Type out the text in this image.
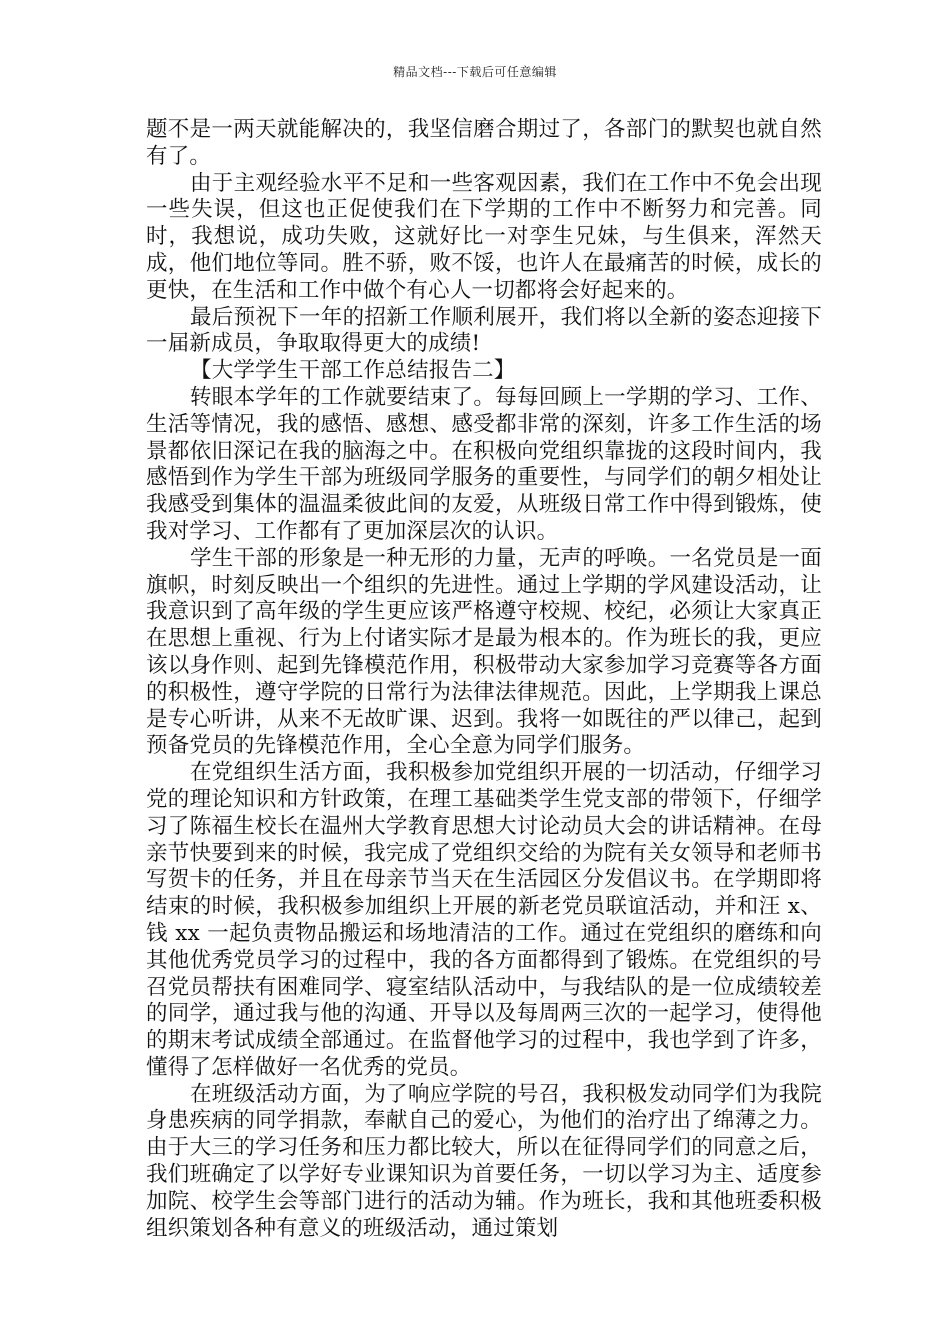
精品文档---下载后可任意编辑

题不是一两天就能解决的，我坚信磨合期过了，各部门的默契也就自然有了。

由于主观经验水平不足和一些客观因素，我们在工作中不免会出现一些失误，但这也正促使我们在下学期的工作中不断努力和完善。同时，我想说，成功失败，这就好比一对孪生兄妹，与生俱来，浑然天成，他们地位等同。胜不骄，败不馁，也许人在最痛苦的时候，成长的更快，在生活和工作中做个有心人一切都将会好起来的。

最后预祝下一年的招新工作顺利展开，我们将以全新的姿态迎接下一届新成员，争取取得更大的成绩!

【大学学生干部工作总结报告二】

转眼本学年的工作就要结束了。每每回顾上一学期的学习、工作、生活等情况，我的感悟、感想、感受都非常的深刻，许多工作生活的场景都依旧深记在我的脑海之中。在积极向党组织靠拢的这段时间内，我感悟到作为学生干部为班级同学服务的重要性，与同学们的朝夕相处让我感受到集体的温温柔彼此间的友爱，从班级日常工作中得到锻炼，使我对学习、工作都有了更加深层次的认识。

学生干部的形象是一种无形的力量，无声的呼唤。一名党员是一面旗帜，时刻反映出一个组织的先进性。通过上学期的学风建设活动，让我意识到了高年级的学生更应该严格遵守校规、校纪，必须让大家真正在思想上重视、行为上付诸实际才是最为根本的。作为班长的我，更应该以身作则、起到先锋模范作用，积极带动大家参加学习竞赛等各方面的积极性，遵守学院的日常行为法律法律规范。因此，上学期我上课总是专心听讲，从来不无故旷课、迟到。我将一如既往的严以律己，起到预备党员的先锋模范作用，全心全意为同学们服务。

在党组织生活方面，我积极参加党组织开展的一切活动，仔细学习党的理论知识和方针政策，在理工基础类学生党支部的带领下，仔细学习了陈福生校长在温州大学教育思想大讨论动员大会的讲话精神。在母亲节快要到来的时候，我完成了党组织交给的为院有关女领导和老师书写贺卡的任务，并且在母亲节当天在生活园区分发倡议书。在学期即将结束的时候，我积极参加组织上开展的新老党员联谊活动，并和汪 x、钱 xx 一起负责物品搬运和场地清洁的工作。通过在党组织的磨练和向其他优秀党员学习的过程中，我的各方面都得到了锻炼。在党组织的号召党员帮扶有困难同学、寝室结队活动中，与我结队的是一位成绩较差的同学，通过我与他的沟通、开导以及每周两三次的一起学习，使得他的期末考试成绩全部通过。在监督他学习的过程中，我也学到了许多，懂得了怎样做好一名优秀的党员。

在班级活动方面，为了响应学院的号召，我积极发动同学们为我院身患疾病的同学捐款，奉献自己的爱心，为他们的治疗出了绵薄之力。由于大三的学习任务和压力都比较大，所以在征得同学们的同意之后，我们班确定了以学好专业课知识为首要任务，一切以学习为主、适度参加院、校学生会等部门进行的活动为辅。作为班长，我和其他班委积极组织策划各种有意义的班级活动，通过策划
